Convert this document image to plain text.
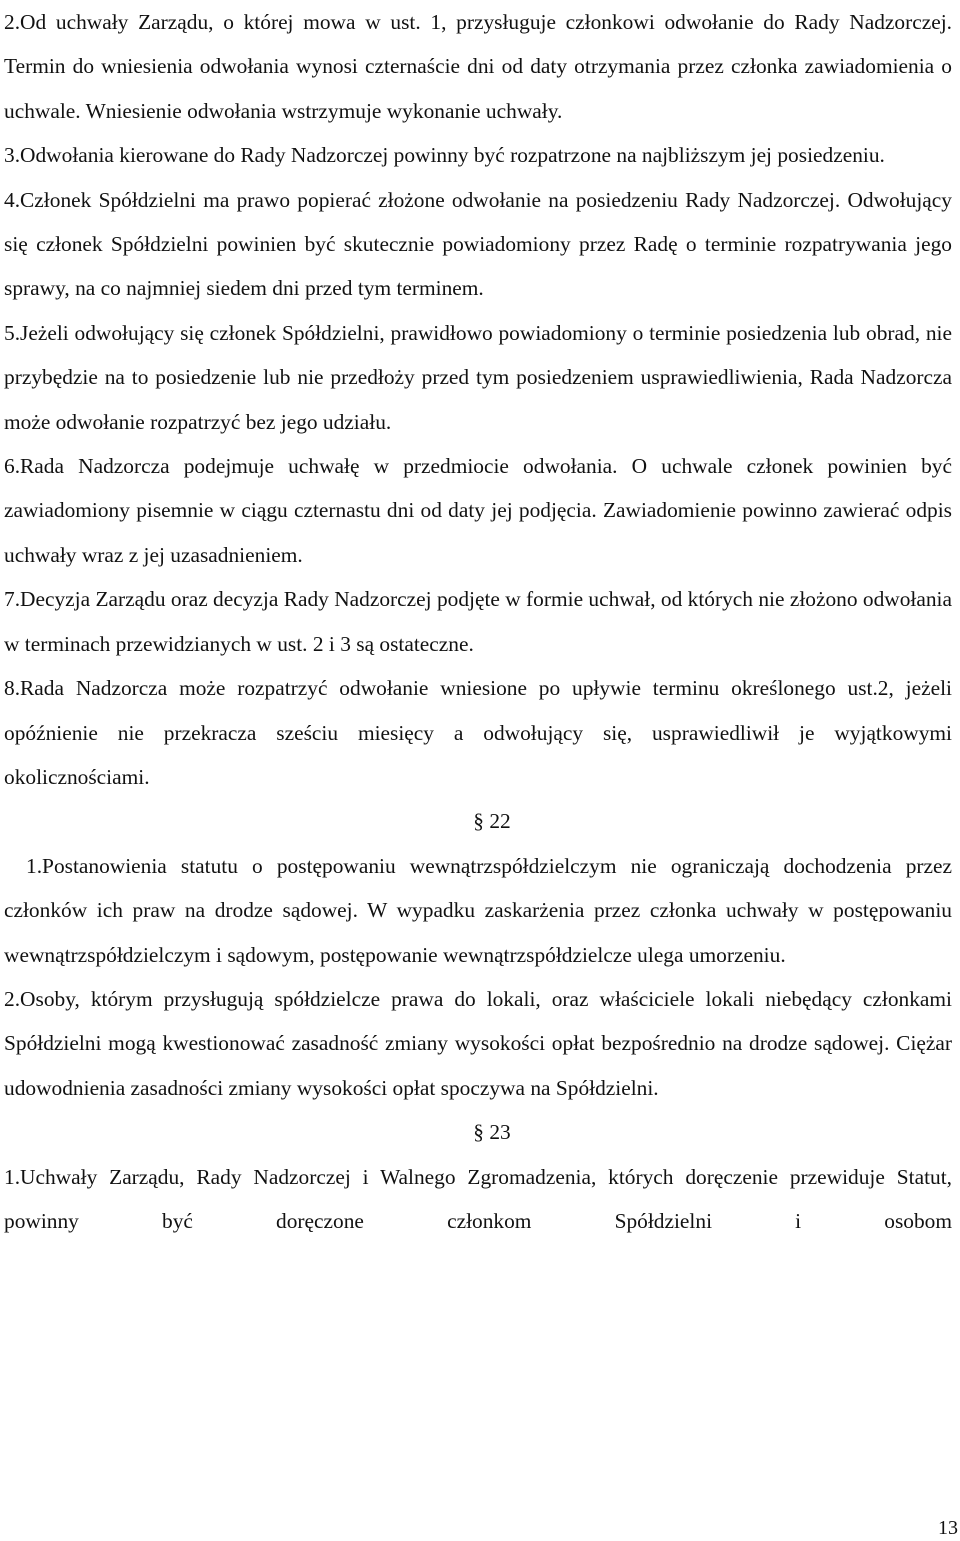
2.Od uchwały Zarządu, o której mowa w ust. 1, przysługuje członkowi odwołanie do Rady Nadzorczej. Termin do wniesienia odwołania wynosi czternaście dni od daty otrzymania przez członka zawiadomienia o uchwale. Wniesienie odwołania wstrzymuje wykonanie uchwały.

3.Odwołania kierowane do Rady Nadzorczej powinny być rozpatrzone na najbliższym jej posiedzeniu.

4.Członek Spółdzielni ma prawo popierać złożone odwołanie na posiedzeniu Rady Nadzorczej. Odwołujący się członek Spółdzielni powinien być skutecznie powiadomiony przez Radę o terminie rozpatrywania jego sprawy, na co najmniej siedem dni przed tym terminem.

5.Jeżeli odwołujący się członek Spółdzielni, prawidłowo powiadomiony o terminie posiedzenia lub obrad, nie przybędzie na to posiedzenie lub nie przedłoży przed tym posiedzeniem usprawiedliwienia, Rada Nadzorcza może odwołanie rozpatrzyć bez jego udziału.

6.Rada Nadzorcza podejmuje uchwałę w przedmiocie odwołania. O uchwale członek powinien być zawiadomiony pisemnie w ciągu czternastu dni od daty jej podjęcia. Zawiadomienie powinno zawierać odpis uchwały wraz z jej uzasadnieniem.

7.Decyzja Zarządu oraz decyzja Rady Nadzorczej podjęte w formie uchwał, od których nie złożono odwołania w terminach przewidzianych w ust. 2 i 3 są ostateczne.

8.Rada Nadzorcza może rozpatrzyć odwołanie wniesione po upływie terminu określonego ust.2, jeżeli opóźnienie nie przekracza sześciu miesięcy a odwołujący się, usprawiedliwił je wyjątkowymi okolicznościami.

§ 22

1.Postanowienia statutu o postępowaniu wewnątrzspółdzielczym nie ograniczają dochodzenia przez członków ich praw na drodze sądowej. W wypadku zaskarżenia przez członka uchwały w postępowaniu wewnątrzspółdzielczym i sądowym, postępowanie wewnątrzspółdzielcze ulega umorzeniu.

2.Osoby, którym przysługują spółdzielcze prawa do lokali, oraz właściciele lokali niebędący członkami Spółdzielni mogą kwestionować zasadność zmiany wysokości opłat bezpośrednio na drodze sądowej. Ciężar udowodnienia zasadności zmiany wysokości opłat spoczywa na Spółdzielni.

§ 23

1.Uchwały Zarządu, Rady Nadzorczej i Walnego Zgromadzenia, których doręczenie przewiduje Statut, powinny być doręczone członkom Spółdzielni i osobom

13
